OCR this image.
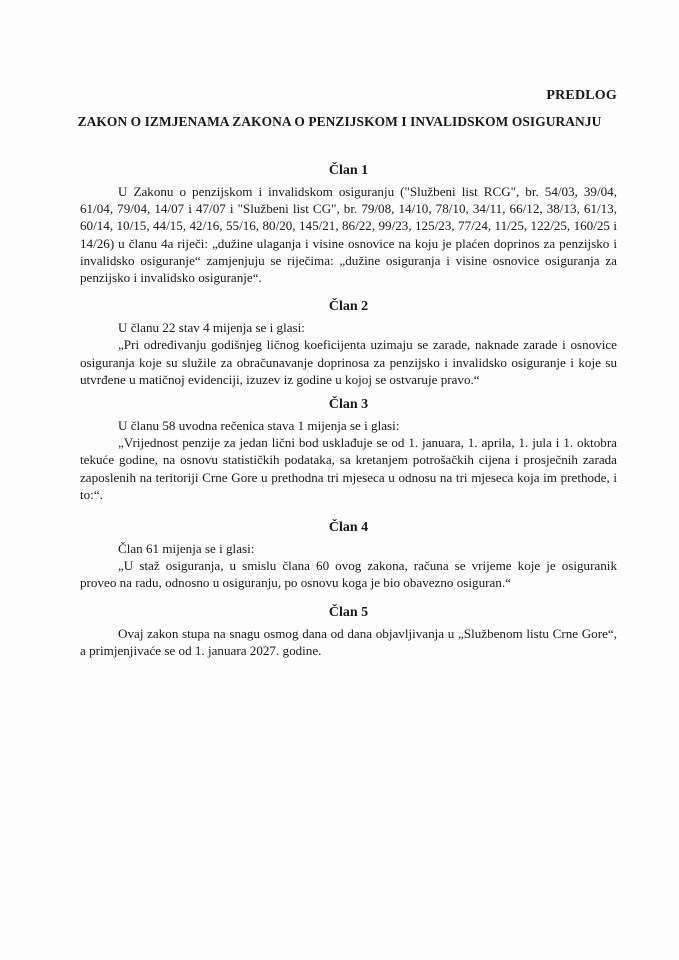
PREDLOG
ZAKON O IZMJENAMA ZAKONA O PENZIJSKOM I INVALIDSKOM OSIGURANJU
Član 1

U Zakonu o penzijskom i invalidskom osiguranju ("Službeni list RCG", br. 54/03, 39/04, 61/04, 79/04, 14/07 i 47/07 i "Službeni list CG", br. 79/08, 14/10, 78/10, 34/11, 66/12, 38/13, 61/13, 60/14, 10/15, 44/15, 42/16, 55/16, 80/20, 145/21, 86/22, 99/23, 125/23, 77/24, 11/25, 122/25, 160/25 i 14/26) u članu 4a riječi: „dužine ulaganja i visine osnovice na koju je plaćen doprinos za penzijsko i invalidsko osiguranje“ zamjenjuju se riječima: „dužine osiguranja i visine osnovice osiguranja za penzijsko i invalidsko osiguranje“.

Član 2

U članu 22 stav 4 mijenja se i glasi:

„Pri određivanju godišnjeg ličnog koeficijenta uzimaju se zarade, naknade zarade i osnovice osiguranja koje su služile za obračunavanje doprinosa za penzijsko i invalidsko osiguranje i koje su utvrđene u matičnoj evidenciji, izuzev iz godine u kojoj se ostvaruje pravo.“

Član 3

U članu 58 uvodna rečenica stava 1 mijenja se i glasi:

„Vrijednost penzije za jedan lični bod usklađuje se od 1. januara, 1. aprila, 1. jula i 1. oktobra tekuće godine, na osnovu statističkih podataka, sa kretanjem potrošačkih cijena i prosječnih zarada zaposlenih na teritoriji Crne Gore u prethodna tri mjeseca u odnosu na tri mjeseca koja im prethode, i to:“.

Član 4

Član 61 mijenja se i glasi:

„U staž osiguranja, u smislu člana 60 ovog zakona, računa se vrijeme koje je osiguranik proveo na radu, odnosno u osiguranju, po osnovu koga je bio obavezno osiguran.“

Član 5

Ovaj zakon stupa na snagu osmog dana od dana objavljivanja u „Službenom listu Crne Gore“, a primjenjivaće se od 1. januara 2027. godine.
